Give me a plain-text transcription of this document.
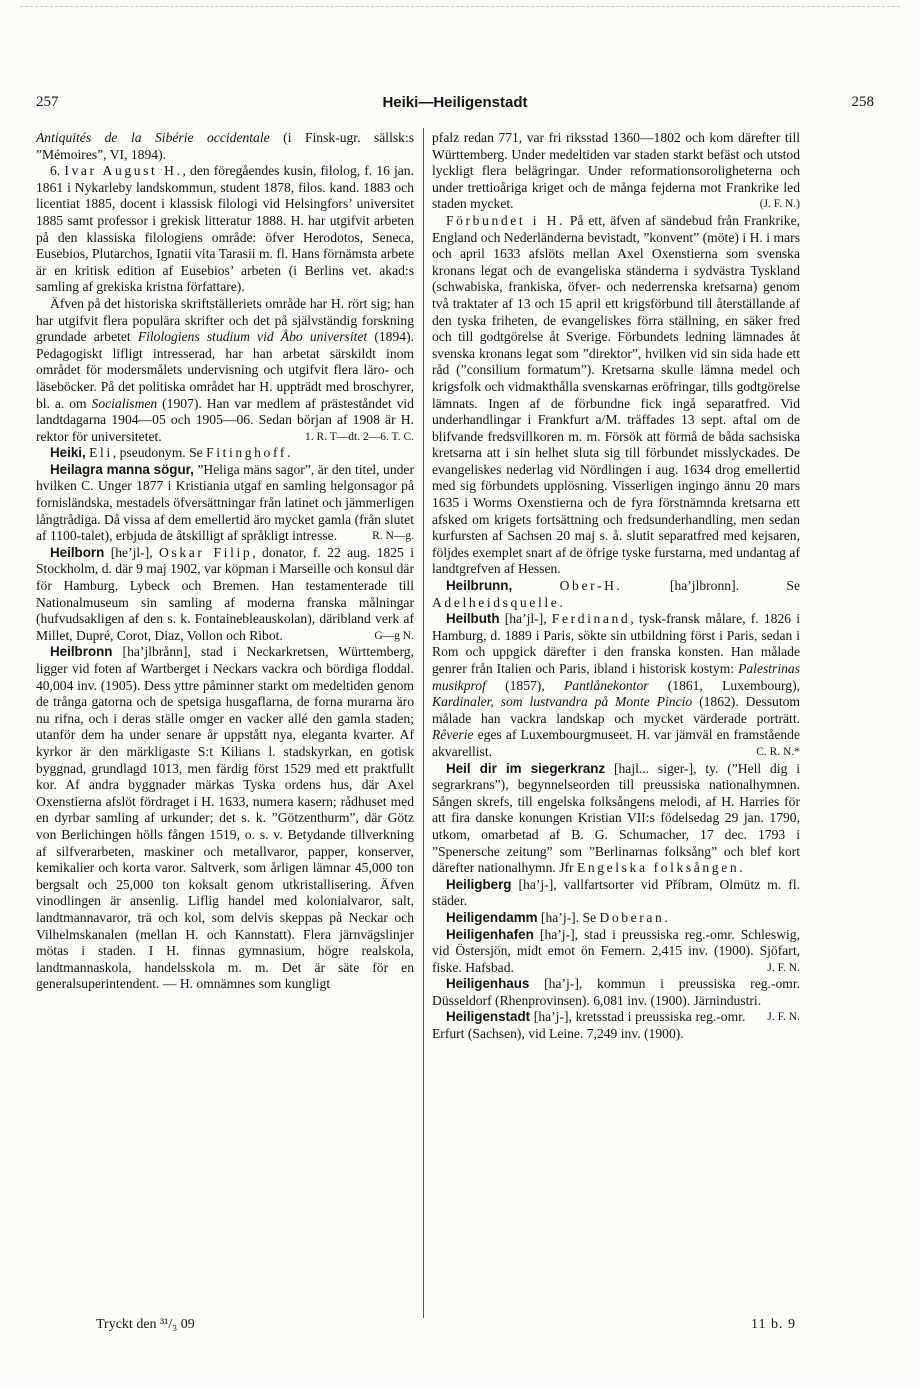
257	Heiki—Heiligenstadt	258

Antiquités de la Sibérie occidentale (i Finsk-ugr. sällsk:s ”Mémoires”, VI, 1894).

6. Ivar August H., den föregåendes kusin, filolog, f. 16 jan. 1861 i Nykarleby landskommun, student 1878, filos. kand. 1883 och licentiat 1885, docent i klassisk filologi vid Helsingfors’ universitet 1885 samt professor i grekisk litteratur 1888. H. har utgifvit arbeten på den klassiska filologiens område: öfver Herodotos, Seneca, Eusebios, Plutarchos, Ignatii vita Tarasii m. fl. Hans förnämsta arbete är en kritisk edition af Eusebios’ arbeten (i Berlins vet. akad:s samling af grekiska kristna författare).

Äfven på det historiska skriftställeriets område har H. rört sig; han har utgifvit flera populära skrifter och det på självständig forskning grundade arbetet Filologiens studium vid Åbo universitet (1894). Pedagogiskt lifligt intresserad, har han arbetat särskildt inom området för modersmålets undervisning och utgifvit flera läro- och läseböcker. På det politiska området har H. uppträdt med broschyrer, bl. a. om Socialismen (1907). Han var medlem af prästeståndet vid landtdagarna 1904—05 och 1905—06. Sedan början af 1908 är H. rektor för universitetet.	1. R. T—dt. 2—6. T. C.

Heiki, Eli, pseudonym. Se Fitinghoff.

Heilagra manna sögur, ”Heliga mäns sagor”, är den titel, under hvilken C. Unger 1877 i Kristiania utgaf en samling helgonsagor på fornisländska, mestadels öfversättningar från latinet och jämmerligen långtrådiga. Då vissa af dem emellertid äro mycket gamla (från slutet af 1100-talet), erbjuda de åtskilligt af språkligt intresse.	R. N—g.

Heilborn [he’jl-], Oskar Filip, donator, f. 22 aug. 1825 i Stockholm, d. där 9 maj 1902, var köpman i Marseille och konsul där för Hamburg, Lybeck och Bremen. Han testamenterade till Nationalmuseum sin samling af moderna franska målningar (hufvudsakligen af den s. k. Fontainebleauskolan), däribland verk af Millet, Dupré, Corot, Diaz, Vollon och Ribot.	G—g N.

Heilbronn [ha’jlbrånn], stad i Neckarkretsen, Württemberg, ligger vid foten af Wartberget i Neckars vackra och bördiga floddal. 40,004 inv. (1905). Dess yttre påminner starkt om medeltiden genom de trånga gatorna och de spetsiga husgaflarna, de forna murarna äro nu rifna, och i deras ställe omger en vacker allé den gamla staden; utanför dem ha under senare år uppstått nya, eleganta kvarter. Af kyrkor är den märkligaste S:t Kilians l. stadskyrkan, en gotisk byggnad, grundlagd 1013, men färdig först 1529 med ett praktfullt kor. Af andra byggnader märkas Tyska ordens hus, där Axel Oxenstierna afslöt fördraget i H. 1633, numera kasern; rådhuset med en dyrbar samling af urkunder; det s. k. ”Götzenthurm”, där Götz von Berlichingen hölls fången 1519, o. s. v. Betydande tillverkning af silfverarbeten, maskiner och metallvaror, papper, konserver, kemikalier och korta varor. Saltverk, som årligen lämnar 45,000 ton bergsalt och 25,000 ton koksalt genom utkristallisering. Äfven vinodlingen är ansenlig. Liflig handel med kolonialvaror, salt, landtmannavaror, trä och kol, som delvis skeppas på Neckar och Vilhelmskanalen (mellan H. och Kannstatt). Flera järnvägslinjer mötas i staden. I H. finnas gymnasium, högre realskola, landtmannaskola, handelsskola m. m. Det är säte för en generalsuperintendent. — H. omnämnes som kungligt

pfalz redan 771, var fri riksstad 1360—1802 och kom därefter till Württemberg. Under medeltiden var staden starkt befäst och utstod lyckligt flera belägringar. Under reformationsoroligheterna och under trettioåriga kriget och de många fejderna mot Frankrike led staden mycket.	(J. F. N.)

Förbundet i H. På ett, äfven af sändebud från Frankrike, England och Nederländerna bevistadt, ”konvent” (möte) i H. i mars och april 1633 afslöts mellan Axel Oxenstierna som svenska kronans legat och de evangeliska ständerna i sydvästra Tyskland (schwabiska, frankiska, öfver- och nederrenska kretsarna) genom två traktater af 13 och 15 april ett krigsförbund till återställande af den tyska friheten, de evangeliskes förra ställning, en säker fred och till godtgörelse åt Sverige. Förbundets ledning lämnades åt svenska kronans legat som ”direktor”, hvilken vid sin sida hade ett råd (”consilium formatum”). Kretsarna skulle lämna medel och krigsfolk och vidmakthålla svenskarnas eröfringar, tills godtgörelse lämnats. Ingen af de förbundne fick ingå separatfred. Vid underhandlingar i Frankfurt a/M. träffades 13 sept. aftal om de blifvande fredsvillkoren m. m. Försök att förmå de båda sachsiska kretsarna att i sin helhet sluta sig till förbundet misslyckades. De evangeliskes nederlag vid Nördlingen i aug. 1634 drog emellertid med sig förbundets upplösning. Visserligen ingingo ännu 20 mars 1635 i Worms Oxenstierna och de fyra förstnämnda kretsarna ett afsked om krigets fortsättning och fredsunderhandling, men sedan kurfursten af Sachsen 20 maj s. å. slutit separatfred med kejsaren, följdes exemplet snart af de öfrige tyske furstarna, med undantag af landtgrefven af Hessen.

Heilbrunn,	Ober-H. [ha’jlbronn]. Se Adelheidsquelle.

Heilbuth [ha’jl-], Ferdinand, tysk-fransk målare, f. 1826 i Hamburg, d. 1889 i Paris, sökte sin utbildning först i Paris, sedan i Rom och uppgick därefter i den franska konsten. Han målade genrer från Italien och Paris, ibland i historisk kostym: Palestrinas musikprof (1857), Pantlånekontor (1861, Luxembourg), Kardinaler, som lustvandra på Monte Pincio (1862). Dessutom målade han vackra landskap och mycket värderade porträtt. Rêverie eges af Luxembourgmuseet. H. var jämväl en framstående akvarellist.	C. R. N.*

Heil dir im siegerkranz [hajl... siger-], ty. (”Hell dig i segrarkrans”), begynnelseorden till preussiska nationalhymnen. Sången skrefs, till engelska folksångens melodi, af H. Harries för att fira danske konungen Kristian VII:s födelsedag 29 jan. 1790, utkom, omarbetad af B. G. Schumacher, 17 dec. 1793 i ”Spenersche zeitung” som ”Berlinarnas folksång” och blef kort därefter nationalhymn. Jfr Engelska folksången.

Heiligberg [ha’j-], vallfartsorter vid Příbram, Olmütz m. fl. städer.

Heiligendamm [ha’j-]. Se Doberan.

Heiligenhafen [ha’j-], stad i preussiska reg.-omr. Schleswig, vid Östersjön, midt emot ön Femern. 2,415 inv. (1900). Sjöfart, fiske. Hafsbad.	J. F. N.

Heiligenhaus [ha’j-], kommun i preussiska reg.-omr. Düsseldorf (Rhenprovinsen). 6,081 inv. (1900). Järnindustri.
J. F. N.

Heiligenstadt [ha’j-], kretsstad i preussiska reg.-omr. Erfurt (Sachsen), vid Leine. 7,249 inv. (1900).

Tryckt den ³¹/₃ 09	11 b. 9
